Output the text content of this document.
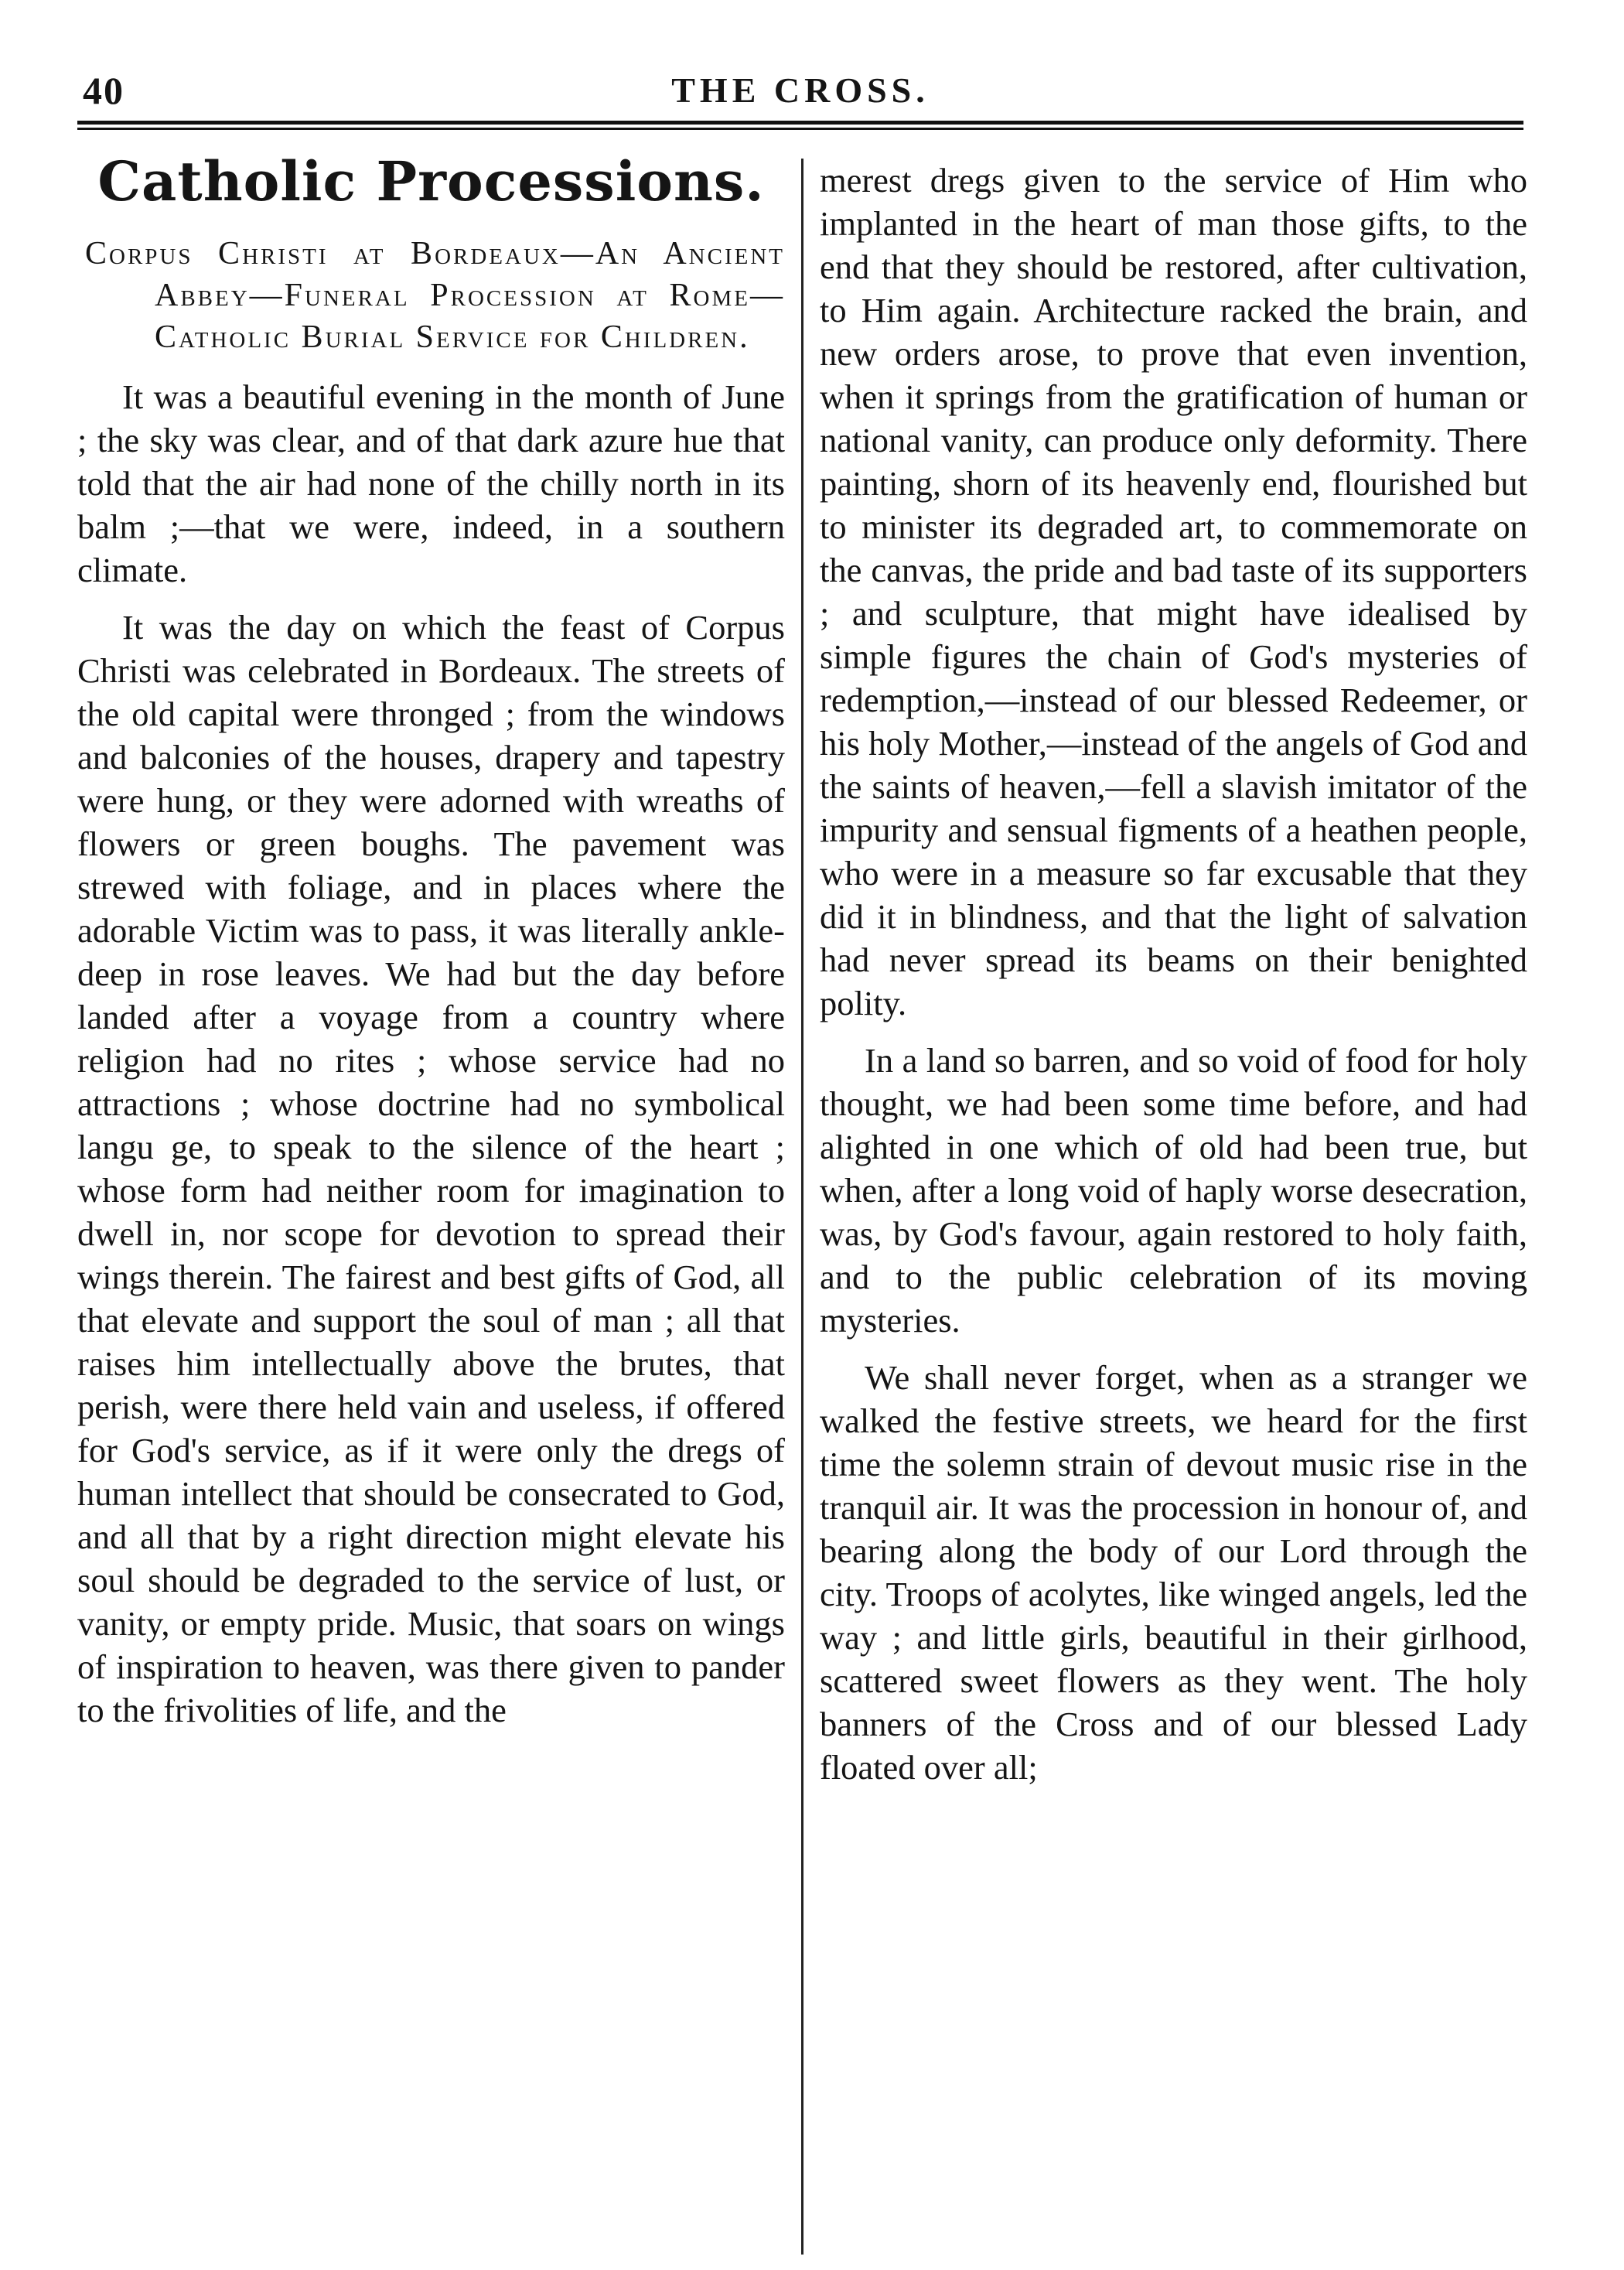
40	THE CROSS.
Catholic Processions.
Corpus Christi at Bordeaux—An Ancient Abbey—Funeral Procession at Rome—Catholic Burial Service for Children.

It was a beautiful evening in the month of June ; the sky was clear, and of that dark azure hue that told that the air had none of the chilly north in its balm ;—that we were, indeed, in a southern climate.

It was the day on which the feast of Corpus Christi was celebrated in Bordeaux. The streets of the old capital were thronged ; from the windows and balconies of the houses, drapery and tapestry were hung, or they were adorned with wreaths of flowers or green boughs. The pavement was strewed with foliage, and in places where the adorable Victim was to pass, it was literally ankle-deep in rose leaves. We had but the day before landed after a voyage from a country where religion had no rites ; whose service had no attractions ; whose doctrine had no symbolical langu ge, to speak to the silence of the heart ; whose form had neither room for imagination to dwell in, nor scope for devotion to spread their wings therein. The fairest and best gifts of God, all that elevate and support the soul of man ; all that raises him intellectually above the brutes, that perish, were there held vain and useless, if offered for God's service, as if it were only the dregs of human intellect that should be consecrated to God, and all that by a right direction might elevate his soul should be degraded to the service of lust, or vanity, or empty pride. Music, that soars on wings of inspiration to heaven, was there given to pander to the frivolities of life, and the

merest dregs given to the service of Him who implanted in the heart of man those gifts, to the end that they should be restored, after cultivation, to Him again. Architecture racked the brain, and new orders arose, to prove that even invention, when it springs from the gratification of human or national vanity, can produce only deformity. There painting, shorn of its heavenly end, flourished but to minister its degraded art, to commemorate on the canvas, the pride and bad taste of its supporters ; and sculpture, that might have idealised by simple figures the chain of God's mysteries of redemption,—instead of our blessed Redeemer, or his holy Mother,—instead of the angels of God and the saints of heaven,—fell a slavish imitator of the impurity and sensual figments of a heathen people, who were in a measure so far excusable that they did it in blindness, and that the light of salvation had never spread its beams on their benighted polity.

In a land so barren, and so void of food for holy thought, we had been some time before, and had alighted in one which of old had been true, but when, after a long void of haply worse desecration, was, by God's favour, again restored to holy faith, and to the public celebration of its moving mysteries.

We shall never forget, when as a stranger we walked the festive streets, we heard for the first time the solemn strain of devout music rise in the tranquil air. It was the procession in honour of, and bearing along the body of our Lord through the city. Troops of acolytes, like winged angels, led the way ; and little girls, beautiful in their girlhood, scattered sweet flowers as they went. The holy banners of the Cross and of our blessed Lady floated over all;
